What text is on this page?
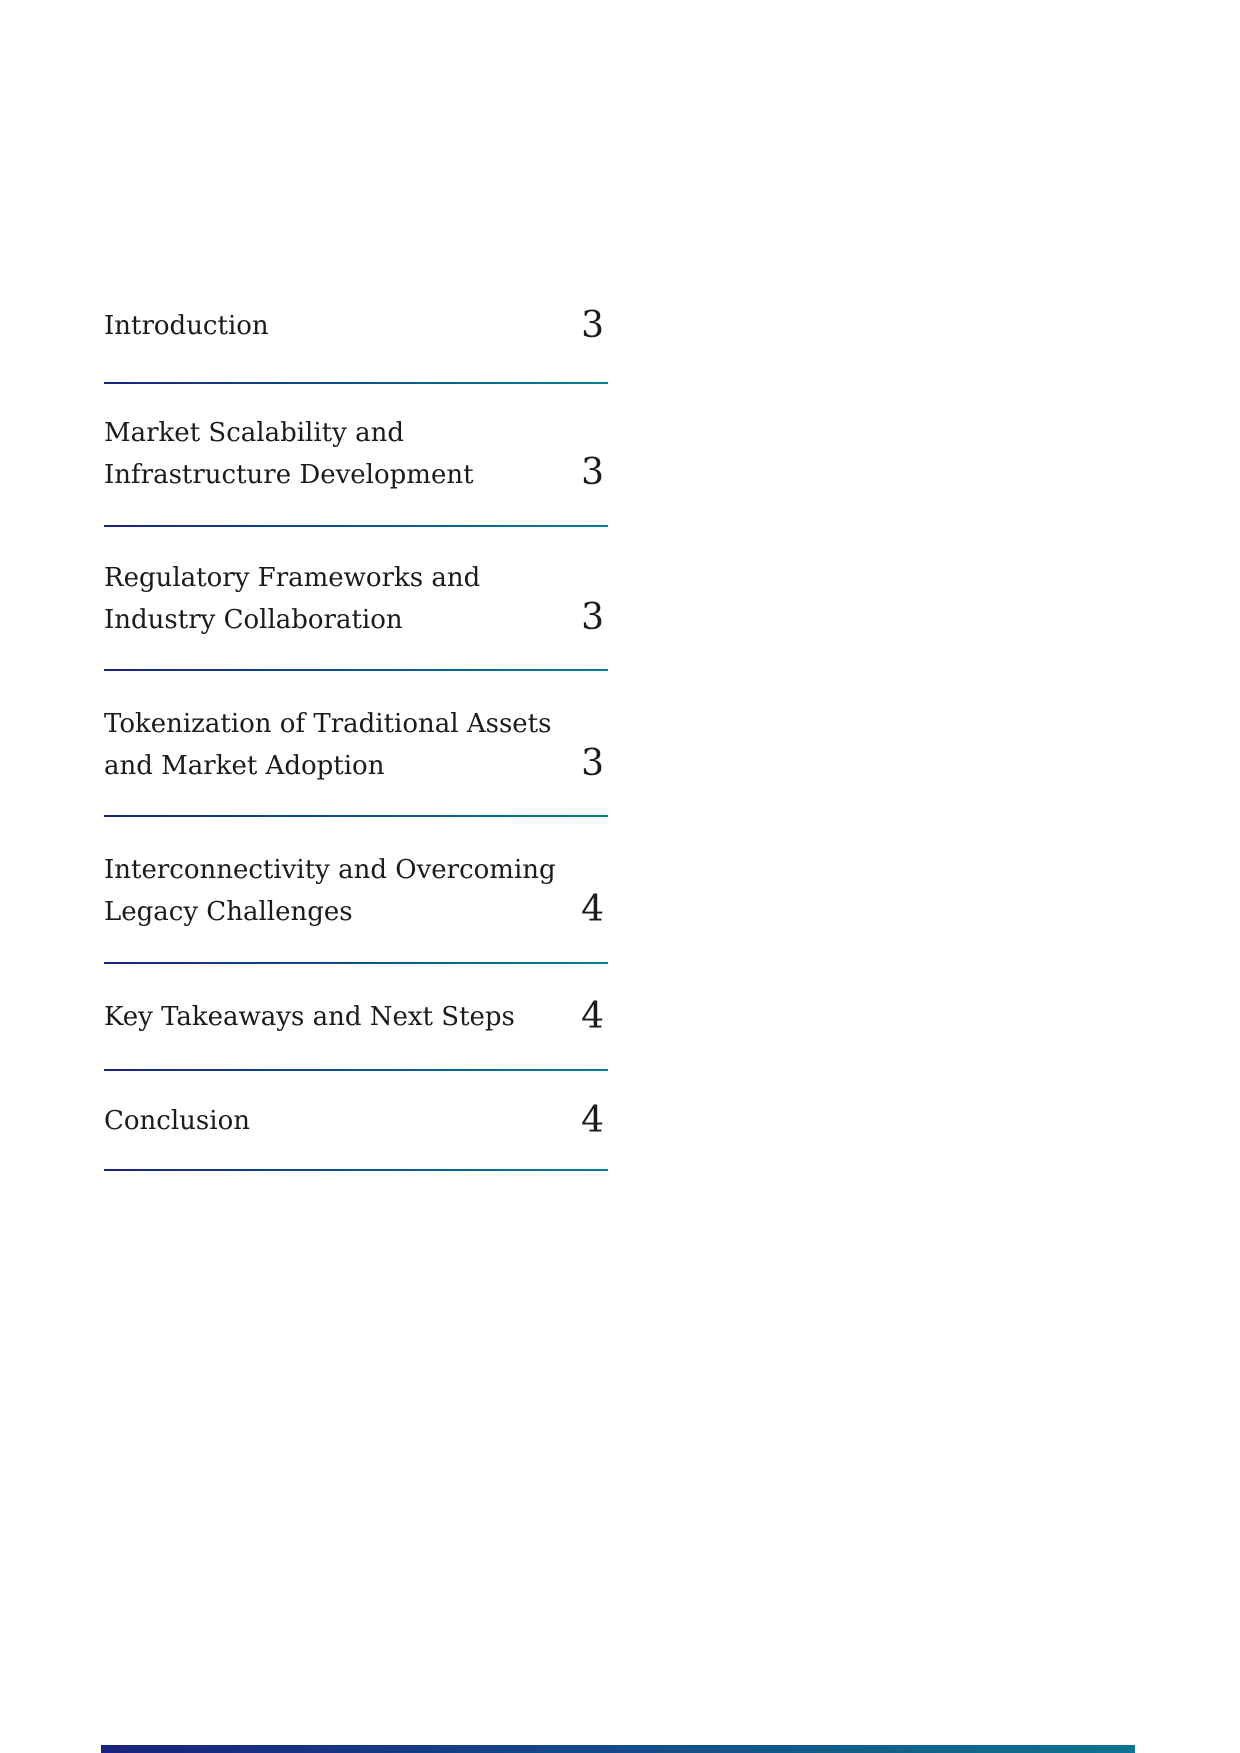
Introduction	3
Market Scalability and
Infrastructure Development	3
Regulatory Frameworks and
Industry Collaboration	3
Tokenization of Traditional Assets
and Market Adoption	3
Interconnectivity and Overcoming
Legacy Challenges	4
Key Takeaways and Next Steps	4
Conclusion	4
